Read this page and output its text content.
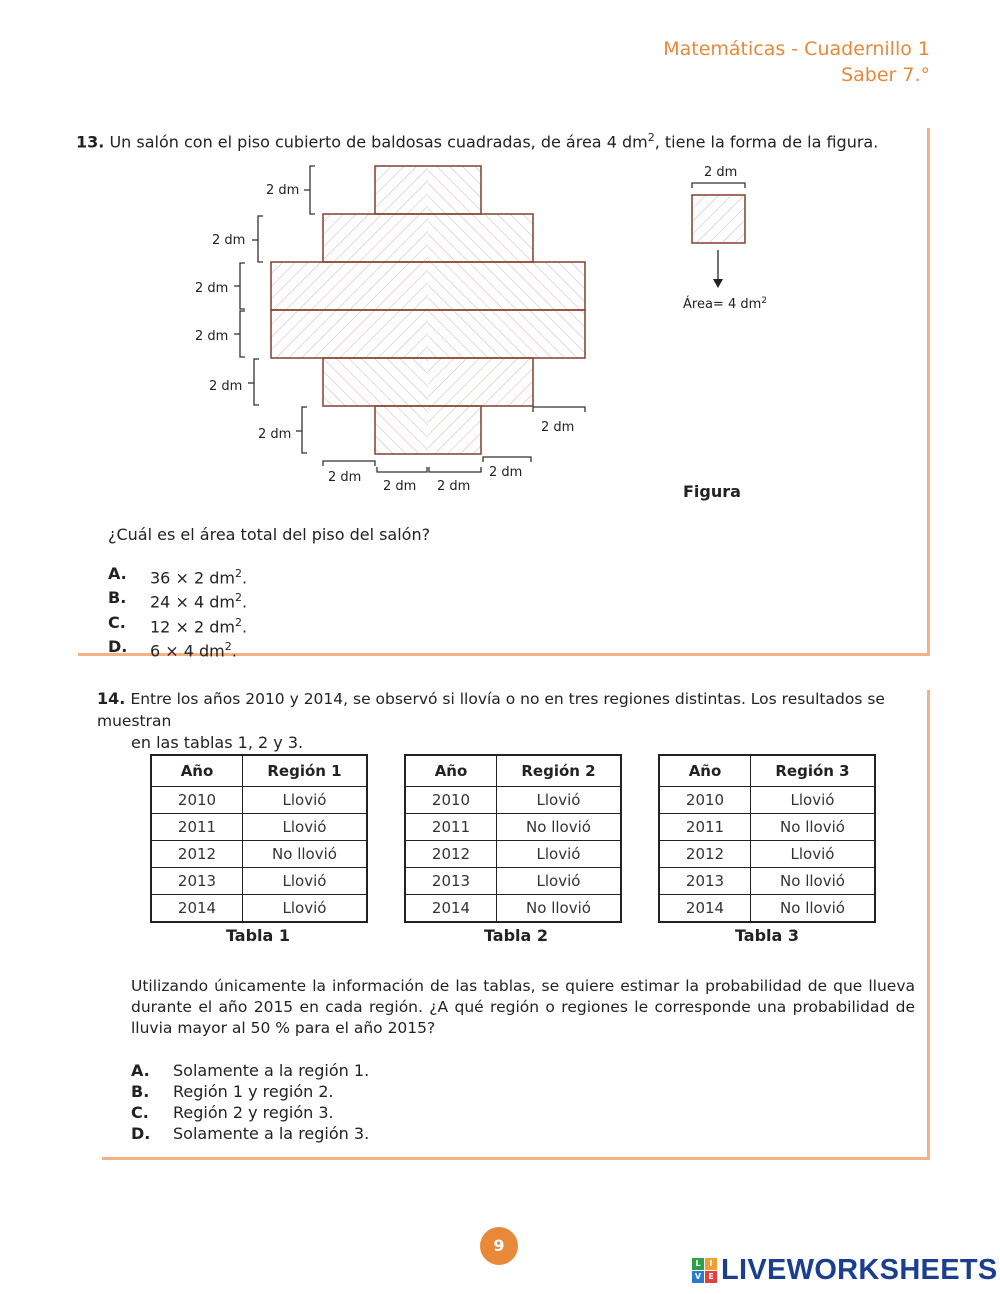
Matemáticas - Cuadernillo 1
Saber 7.°
13. Un salón con el piso cubierto de baldosas cuadradas, de área 4 $dm^2$, tiene la forma de la figura.
2 dm
2 dm
2 dm
2 dm
2 dm
2 dm
2 dm
2 dm 2 dm
2 dm
2 dm
2 dm
Área= 4 $dm^2$
Figura
¿Cuál es el área total del piso del salón?
A.	36 × 2 $dm^2$.
B.	24 × 4 $dm^2$.
C.	12 × 2 $dm^2$.
D.	6 × 4 $dm^2$.
14. Entre los años 2010 y 2014, se observó si llovía o no en tres regiones distintas. Los resultados se muestran
en las tablas 1, 2 y 3.
Año	Región 1
2010	Llovió
2011	Llovió
2012	No llovió
2013	Llovió
2014	Llovió
Tabla 1
Año	Región 2
2010	Llovió
2011	No llovió
2012	Llovió
2013	Llovió
2014	No llovió
Tabla 2
Año	Región 3
2010	Llovió
2011	No llovió
2012	Llovió
2013	No llovió
2014	No llovió
Tabla 3
Utilizando únicamente la información de las tablas, se quiere estimar la probabilidad de que llueva
durante el año 2015 en cada región. ¿A qué región o regiones le corresponde una probabilidad de
lluvia mayor al 50 % para el año 2015?
A.	Solamente a la región 1.
B.	Región 1 y región 2.
C.	Región 2 y región 3.
D.	Solamente a la región 3.
9
L	I
V E LIVEWORKSHEETS
